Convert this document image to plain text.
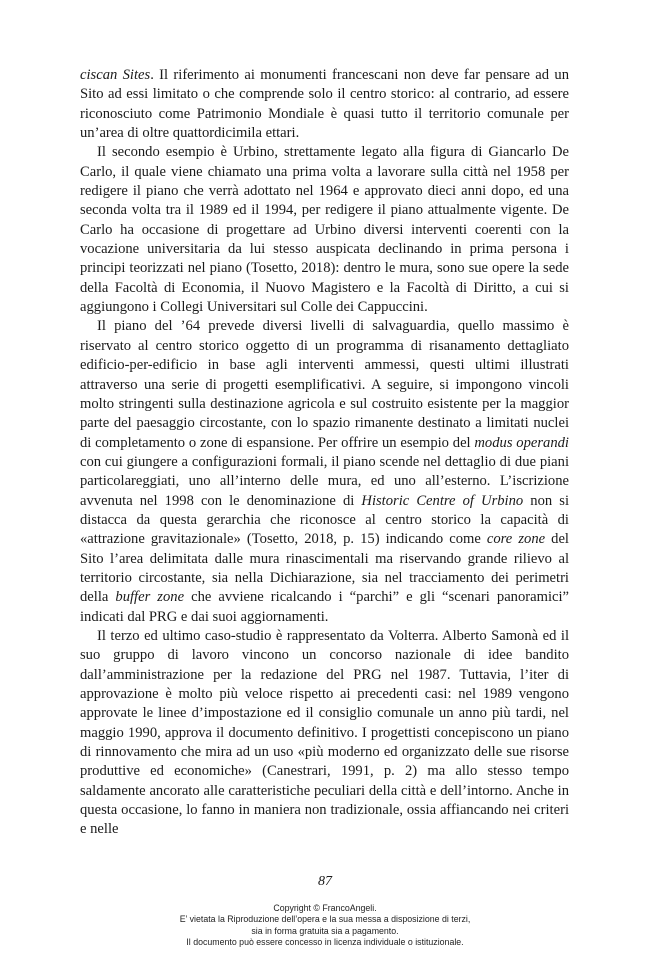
ciscan Sites. Il riferimento ai monumenti francescani non deve far pensare ad un Sito ad essi limitato o che comprende solo il centro storico: al contrario, ad essere riconosciuto come Patrimonio Mondiale è quasi tutto il territorio comunale per un’area di oltre quattordicimila ettari.

Il secondo esempio è Urbino, strettamente legato alla figura di Giancarlo De Carlo, il quale viene chiamato una prima volta a lavorare sulla città nel 1958 per redigere il piano che verrà adottato nel 1964 e approvato dieci anni dopo, ed una seconda volta tra il 1989 ed il 1994, per redigere il piano attualmente vigente. De Carlo ha occasione di progettare ad Urbino diversi interventi coerenti con la vocazione universitaria da lui stesso auspicata declinando in prima persona i principi teorizzati nel piano (Tosetto, 2018): dentro le mura, sono sue opere la sede della Facoltà di Economia, il Nuovo Magistero e la Facoltà di Diritto, a cui si aggiungono i Collegi Universitari sul Colle dei Cappuccini.

Il piano del ’64 prevede diversi livelli di salvaguardia, quello massimo è riservato al centro storico oggetto di un programma di risanamento dettagliato edificio-per-edificio in base agli interventi ammessi, questi ultimi illustrati attraverso una serie di progetti esemplificativi. A seguire, si impongono vincoli molto stringenti sulla destinazione agricola e sul costruito esistente per la maggior parte del paesaggio circostante, con lo spazio rimanente destinato a limitati nuclei di completamento o zone di espansione. Per offrire un esempio del modus operandi con cui giungere a configurazioni formali, il piano scende nel dettaglio di due piani particolareggiati, uno all’interno delle mura, ed uno all’esterno. L’iscrizione avvenuta nel 1998 con le denominazione di Historic Centre of Urbino non si distacca da questa gerarchia che riconosce al centro storico la capacità di «attrazione gravitazionale» (Tosetto, 2018, p. 15) indicando come core zone del Sito l’area delimitata dalle mura rinascimentali ma riservando grande rilievo al territorio circostante, sia nella Dichiarazione, sia nel tracciamento dei perimetri della buffer zone che avviene ricalcando i “parchi” e gli “scenari panoramici” indicati dal PRG e dai suoi aggiornamenti.

Il terzo ed ultimo caso-studio è rappresentato da Volterra. Alberto Samonà ed il suo gruppo di lavoro vincono un concorso nazionale di idee bandito dall’amministrazione per la redazione del PRG nel 1987. Tuttavia, l’iter di approvazione è molto più veloce rispetto ai precedenti casi: nel 1989 vengono approvate le linee d’impostazione ed il consiglio comunale un anno più tardi, nel maggio 1990, approva il documento definitivo. I progettisti concepiscono un piano di rinnovamento che mira ad un uso «più moderno ed organizzato delle sue risorse produttive ed economiche» (Canestrari, 1991, p. 2) ma allo stesso tempo saldamente ancorato alle caratteristiche peculiari della città e dell’intorno. Anche in questa occasione, lo fanno in maniera non tradizionale, ossia affiancando nei criteri e nelle

87
Copyright © FrancoAngeli.
E’ vietata la Riproduzione dell’opera e la sua messa a disposizione di terzi,
sia in forma gratuita sia a pagamento.
Il documento può essere concesso in licenza individuale o istituzionale.
